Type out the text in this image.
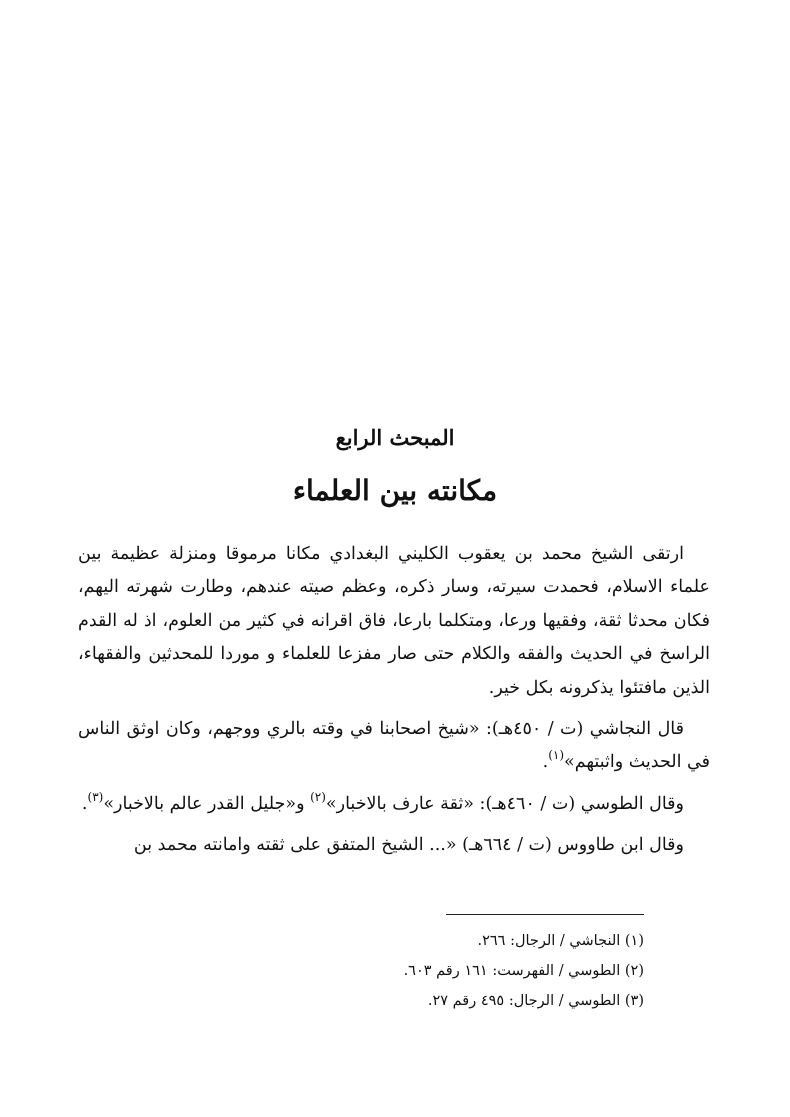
المبحث الرابع
مكانته بين العلماء

ارتقى الشيخ محمد بن يعقوب الكليني البغدادي مكانا مرموقا ومنزلة عظيمة بين علماء الاسلام، فحمدت سيرته، وسار ذكره، وعظم صيته عندهم، وطارت شهرته اليهم، فكان محدثا ثقة، وفقيها ورعا، ومتكلما بارعا، فاق اقرانه في كثير من العلوم، اذ له القدم الراسخ في الحديث والفقه والكلام حتى صار مفزعا للعلماء و موردا للمحدثين والفقهاء، الذين مافتئوا يذكرونه بكل خير.

قال النجاشي (ت / ٤٥٠هـ): «شيخ اصحابنا في وقته بالري ووجهم، وكان اوثق الناس في الحديث واثبتهم»$^{(١)}$.

وقال الطوسي (ت / ٤٦٠هـ): «ثقة عارف بالاخبار»$^{(٢)}$ و«جليل القدر عالم بالاخبار»$^{(٣)}$.

وقال ابن طاووس (ت / ٦٦٤هـ) «... الشيخ المتفق على ثقته وامانته محمد بن

(١) النجاشي / الرجال: ٢٦٦.

(٢) الطوسي / الفهرست: ١٦١ رقم ٦٠٣.

(٣) الطوسي / الرجال: ٤٩٥ رقم ٢٧.
